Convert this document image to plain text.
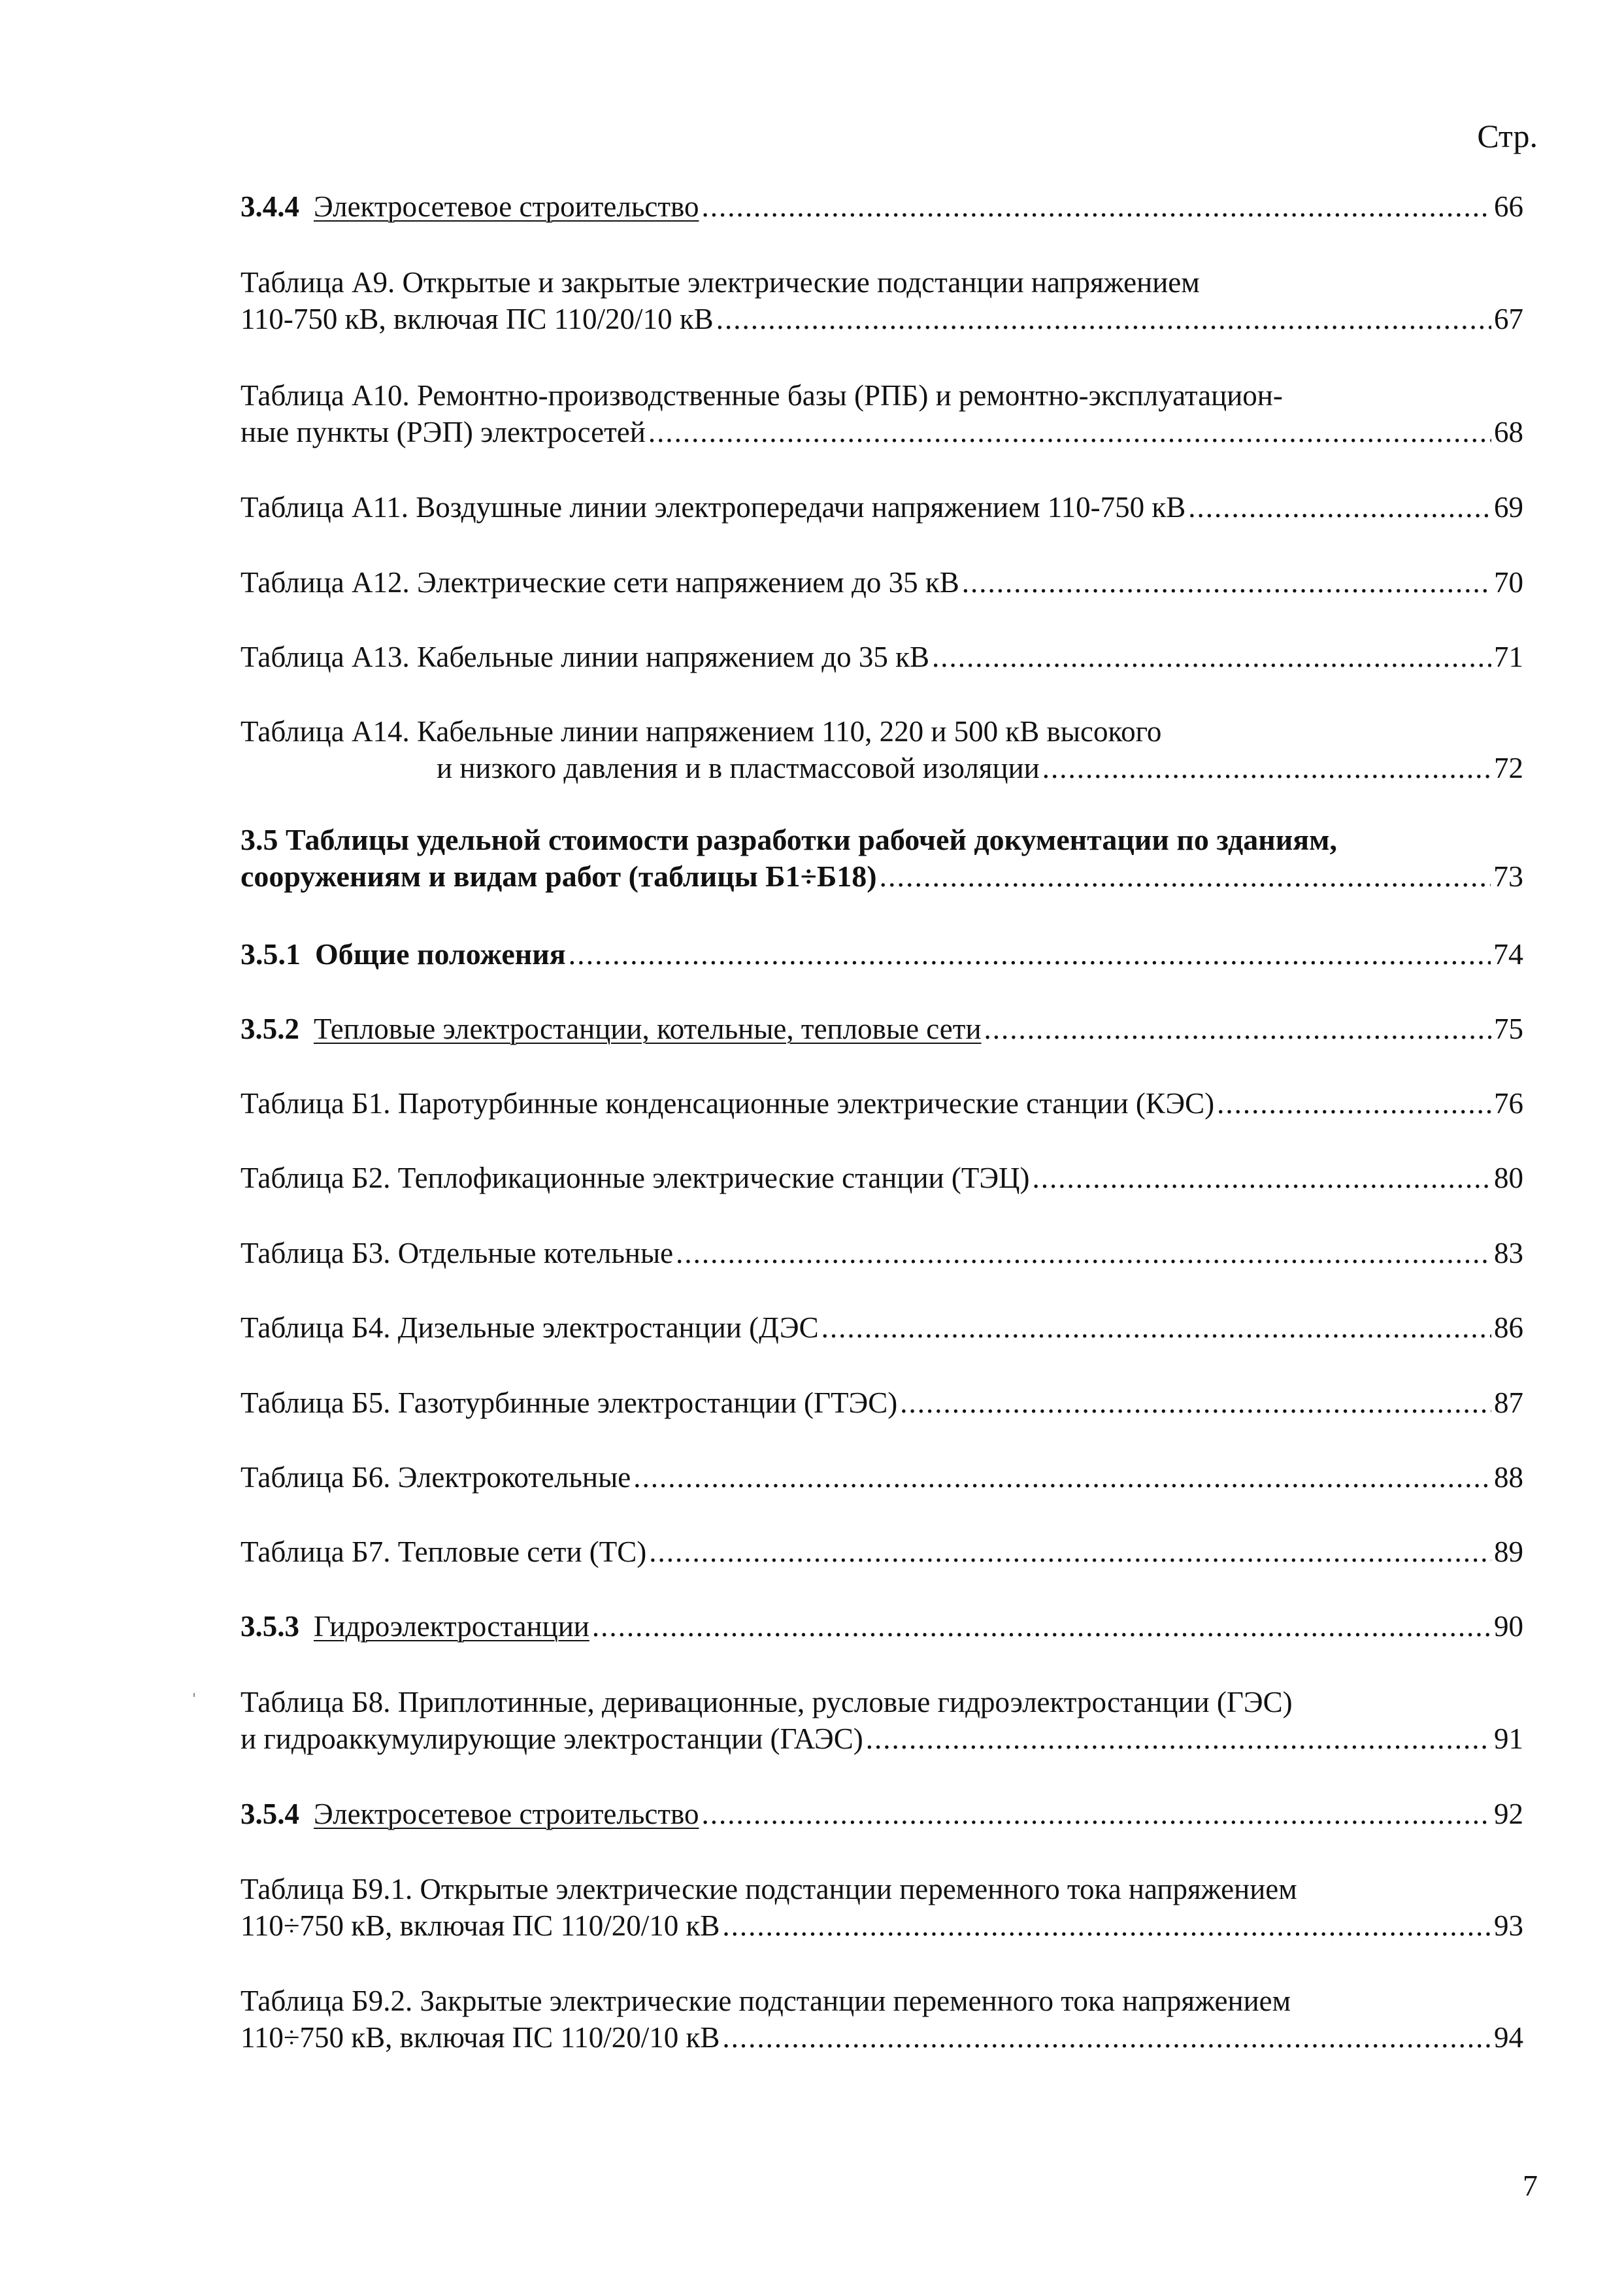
Стр.
3.4.4 Электросетевое строительство .....	66
Таблица А9. Открытые и закрытые электрические подстанции напряжением
110-750 кВ, включая ПС 110/20/10 кВ .....	67
Таблица А10. Ремонтно-производственные базы (РПБ) и ремонтно-эксплуатацион-
ные пункты (РЭП) электросетей .....	68
Таблица А11. Воздушные линии электропередачи напряжением 110-750 кВ .....	69
Таблица А12. Электрические сети напряжением до 35 кВ .....	70
Таблица А13. Кабельные линии напряжением до 35 кВ .....	71
Таблица А14. Кабельные линии напряжением 110, 220 и 500 кВ высокого
и низкого давления и в пластмассовой изоляции .....	72
3.5 Таблицы удельной стоимости разработки рабочей документации по зданиям,
сооружениям и видам работ (таблицы Б1÷Б18) .....	73
3.5.1 Общие положения .....	74
3.5.2 Тепловые электростанции, котельные, тепловые сети .....	75
Таблица Б1. Паротурбинные конденсационные электрические станции (КЭС) .....	76
Таблица Б2. Теплофикационные электрические станции (ТЭЦ) .....	80
Таблица Б3. Отдельные котельные .....	83
Таблица Б4. Дизельные электростанции (ДЭС .....	86
Таблица Б5. Газотурбинные электростанции (ГТЭС) .....	87
Таблица Б6. Электрокотельные .....	88
Таблица Б7. Тепловые сети (ТС) .....	89
3.5.3 Гидроэлектростанции .....	90
Таблица Б8. Приплотинные, деривационные, русловые гидроэлектростанции (ГЭС)
и гидроаккумулирующие электростанции (ГАЭС) .....	91
3.5.4 Электросетевое строительство .....	92
Таблица Б9.1. Открытые электрические подстанции переменного тока напряжением
110÷750 кВ, включая ПС 110/20/10 кВ .....	93
Таблица Б9.2. Закрытые электрические подстанции переменного тока напряжением
110÷750 кВ, включая ПС 110/20/10 кВ .....	94
7
